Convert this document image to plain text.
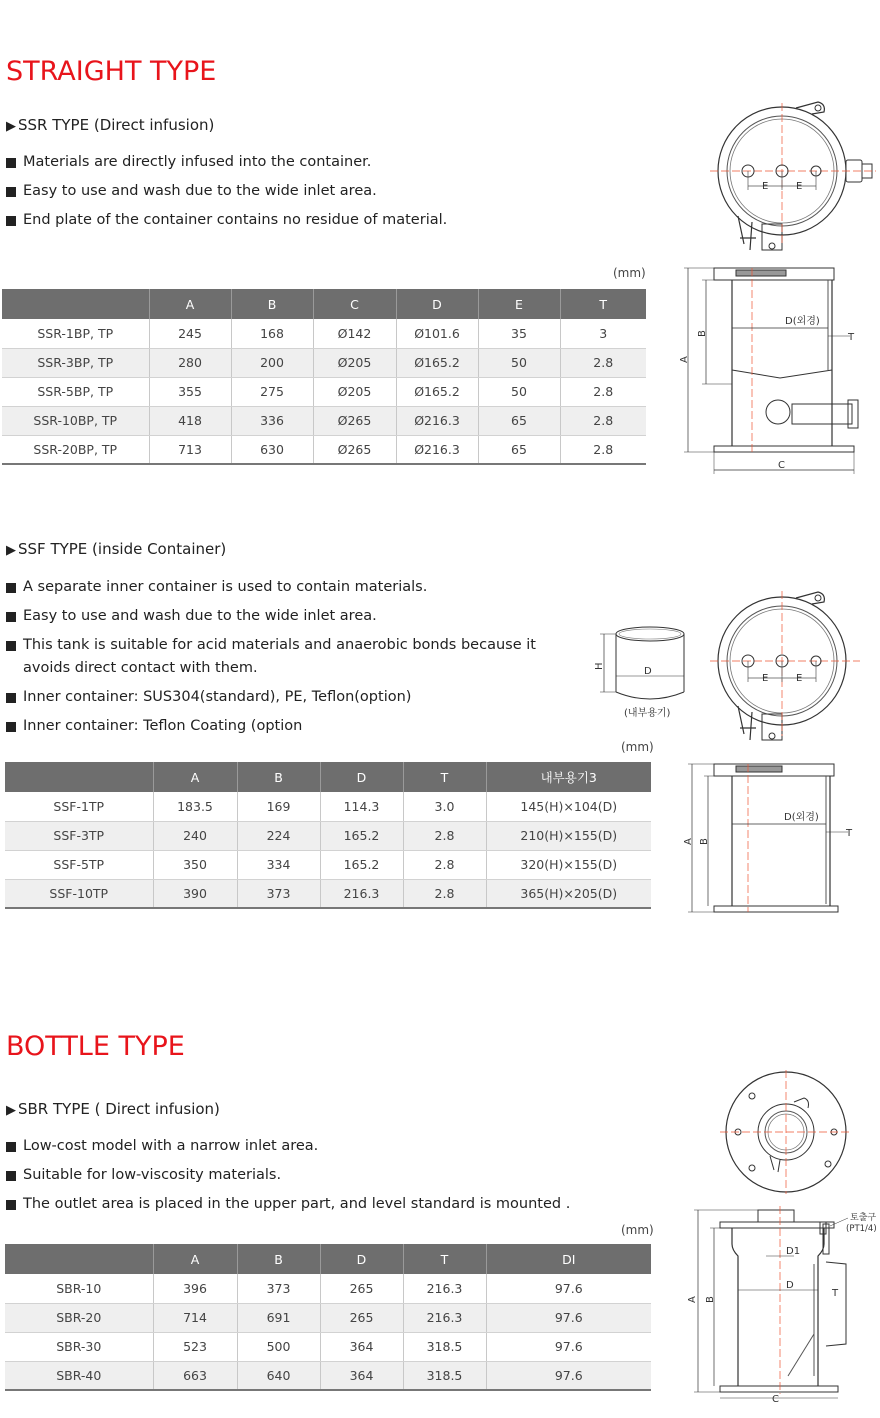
STRAIGHT TYPE
▶ SSR TYPE (Direct infusion)
Materials are directly infused into the container.
Easy to use and wash due to the wide inlet area.
End plate of the container contains no residue of material.
(mm)
	A	B	C	D	E	T
SSR-1BP, TP	245	168	Ø142	Ø101.6	35	3
SSR-3BP, TP	280	200	Ø205	Ø165.2	50	2.8
SSR-5BP, TP	355	275	Ø205	Ø165.2	50	2.8
SSR-10BP, TP	418	336	Ø265	Ø216.3	65	2.8
SSR-20BP, TP	713	630	Ø265	Ø216.3	65	2.8
E	E
A
B
D(외경)
T
C
▶ SSF TYPE (inside Container)
A separate inner container is used to contain materials.
Easy to use and wash due to the wide inlet area.
This tank is suitable for acid materials and anaerobic bonds because it avoids direct contact with them.
Inner container: SUS304(standard), PE, Teflon(option)
Inner container: Teflon Coating (option
H	D
(내부용기)
E	E
(mm)
	A	B	D	T	내부용기3
SSF-1TP	183.5	169	114.3	3.0	145(H)×104(D)
SSF-3TP	240	224	165.2	2.8	210(H)×155(D)
SSF-5TP	350	334	165.2	2.8	320(H)×155(D)
SSF-10TP	390	373	216.3	2.8	365(H)×205(D)
A B
D(외경)
T
BOTTLE TYPE
▶ SBR TYPE ( Direct infusion)
Low-cost model with a narrow inlet area.
Suitable for low-viscosity materials.
The outlet area is placed in the upper part, and level standard is mounted .
(mm)
	A	B	D	T	DI
SBR-10	396	373	265	216.3	97.6
SBR-20	714	691	265	216.3	97.6
SBR-30	523	500	364	318.5	97.6
SBR-40	663	640	364	318.5	97.6
A B
D1
D
T
C
토출구
(PT1/4)
